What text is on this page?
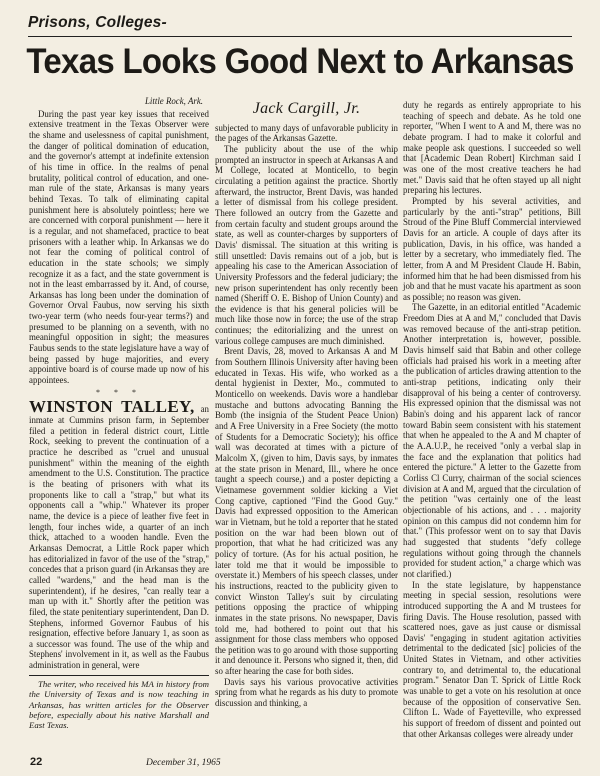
Prisons, Colleges-
Texas Looks Good Next to Arkansas
Little Rock, Ark.

During the past year key issues that received extensive treatment in the Texas Observer were the shame and uselessness of capital punishment, the danger of political domination of education, and the governor's attempt at indefinite extension of his time in office. In the realms of penal brutality, political control of education, and one-man rule of the state, Arkansas is many years behind Texas. To talk of eliminating capital punishment here is absolutely pointless; here we are concerned with corporal punishment — here it is a regular, and not shamefaced, practice to beat prisoners with a leather whip. In Arkansas we do not fear the coming of political control of education in the state schools; we simply recognize it as a fact, and the state government is not in the least embarrassed by it. And, of course, Arkansas has long been under the domination of Governor Orval Faubus, now serving his sixth two-year term (who needs four-year terms?) and presumed to be planning on a seventh, with no meaningful opposition in sight; the measures Faubus sends to the state legislature have a way of being passed by huge majorities, and every appointive board is of course made up now of his appointees.

* * *

WINSTON TALLEY, an inmate at Cummins prison farm, in September filed a petition in federal district court, Little Rock, seeking to prevent the continuation of a practice he described as "cruel and unusual punishment" within the meaning of the eighth amendment to the U.S. Constitution. The practice is the beating of prisoners with what its proponents like to call a "strap," but what its opponents call a "whip." Whatever its proper name, the device is a piece of leather five feet in length, four inches wide, a quarter of an inch thick, attached to a wooden handle. Even the Arkansas Democrat, a Little Rock paper which has editorialized in favor of the use of the "strap," concedes that a prison guard (in Arkansas they are called "wardens," and the head man is the superintendent), if he desires, "can really tear a man up with it." Shortly after the petition was filed, the state penitentiary superintendent, Dan D. Stephens, informed Governor Faubus of his resignation, effective before January 1, as soon as a successor was found. The use of the whip and Stephens' involvement in it, as well as the Faubus administration in general, were

The writer, who received his MA in history from the University of Texas and is now teaching in Arkansas, has written articles for the Observer before, especially about his native Marshall and East Texas.

Jack Cargill, Jr.

subjected to many days of unfavorable publicity in the pages of the Arkansas Gazette.

The publicity about the use of the whip prompted an instructor in speech at Arkansas A and M College, located at Monticello, to begin circulating a petition against the practice. Shortly afterward, the instructor, Brent Davis, was handed a letter of dismissal from his college president. There followed an outcry from the Gazette and from certain faculty and student groups around the state, as well as counter-charges by supporters of Davis' dismissal. The situation at this writing is still unsettled: Davis remains out of a job, but is appealing his case to the American Association of University Professors and the federal judiciary; the new prison superintendent has only recently been named (Sheriff O. E. Bishop of Union County) and the evidence is that his general policies will be much like those now in force; the use of the strap continues; the editorializing and the unrest on various college campuses are much diminished.

Brent Davis, 28, moved to Arkansas A and M from Southern Illinois University after having been educated in Texas. His wife, who worked as a dental hygienist in Dexter, Mo., commuted to Monticello on weekends. Davis wore a handlebar mustache and buttons advocating Banning the Bomb (the insignia of the Student Peace Union) and A Free University in a Free Society (the motto of Students for a Democratic Society); his office wall was decorated at times with a picture of Malcolm X, (given to him, Davis says, by inmates at the state prison in Menard, Ill., where he once taught a speech course,) and a poster depicting a Vietnamese government soldier kicking a Viet Cong captive, captioned "Find the Good Guy." Davis had expressed opposition to the American war in Vietnam, but he told a reporter that he stated position on the war had been blown out of proportion, that what he had criticized was any policy of torture. (As for his actual position, he later told me that it would be impossible to overstate it.) Members of his speech classes, under his instructions, reacted to the publicity given to convict Winston Talley's suit by circulating petitions opposing the practice of whipping inmates in the state prisons. No newspaper, Davis told me, had bothered to point out that his assignment for those class members who opposed the petition was to go around with those supporting it and denounce it. Persons who signed it, then, did so after hearing the case for both sides.

Davis says his various provocative activities spring from what he regards as his duty to promote discussion and thinking, a

duty he regards as entirely appropriate to his teaching of speech and debate. As he told one reporter, "When I went to A and M, there was no debate program. I had to make it colorful and make people ask questions. I succeeded so well that [Academic Dean Robert] Kirchman said I was one of the most creative teachers he had met." Davis said that he often stayed up all night preparing his lectures.

Prompted by his several activities, and particularly by the anti-"strap" petitions, Bill Stroud of the Pine Bluff Commercial interviewed Davis for an article. A couple of days after its publication, Davis, in his office, was handed a letter by a secretary, who immediately fled. The letter, from A and M President Claude H. Babin, informed him that he had been dismissed from his job and that he must vacate his apartment as soon as possible; no reason was given.

The Gazette, in an editorial entitled "Academic Freedom Dies at A and M," concluded that Davis was removed because of the anti-strap petition. Another interpretation is, however, possible. Davis himself said that Babin and other college officials had praised his work in a meeting after the publication of articles drawing attention to the anti-strap petitions, indicating only their disapproval of his being a center of controversy. His expressed opinion that the dismissal was not Babin's doing and his apparent lack of rancor toward Babin seem consistent with his statement that when he appealed to the A and M chapter of the A.A.U.P., he received "only a verbal slap in the face and the explanation that politics had entered the picture." A letter to the Gazette from Corliss Cl Curry, chairman of the social sciences division at A and M, argued that the circulation of the petition "was certainly one of the least objectionable of his actions, and . . . majority opinion on this campus did not condemn him for that." (This professor went on to say that Davis had suggested that students "defy college regulations without going through the channels provided for student action," a charge which was not clarified.)

In the state legislature, by happenstance meeting in special session, resolutions were introduced supporting the A and M trustees for firing Davis. The House resolution, passed with scattered noes, gave as just cause or dismissal Davis' "engaging in student agitation activities detrimental to the dedicated [sic] policies of the United States in Vietnam, and other activities contrary to, and detrimental to, the educational program." Senator Dan T. Sprick of Little Rock was unable to get a vote on his resolution at once because of the opposition of conservative Sen. Clifton L. Wade of Fayetteville, who expressed his support of freedom of dissent and pointed out that other Arkansas colleges were already under

22	December 31, 1965
